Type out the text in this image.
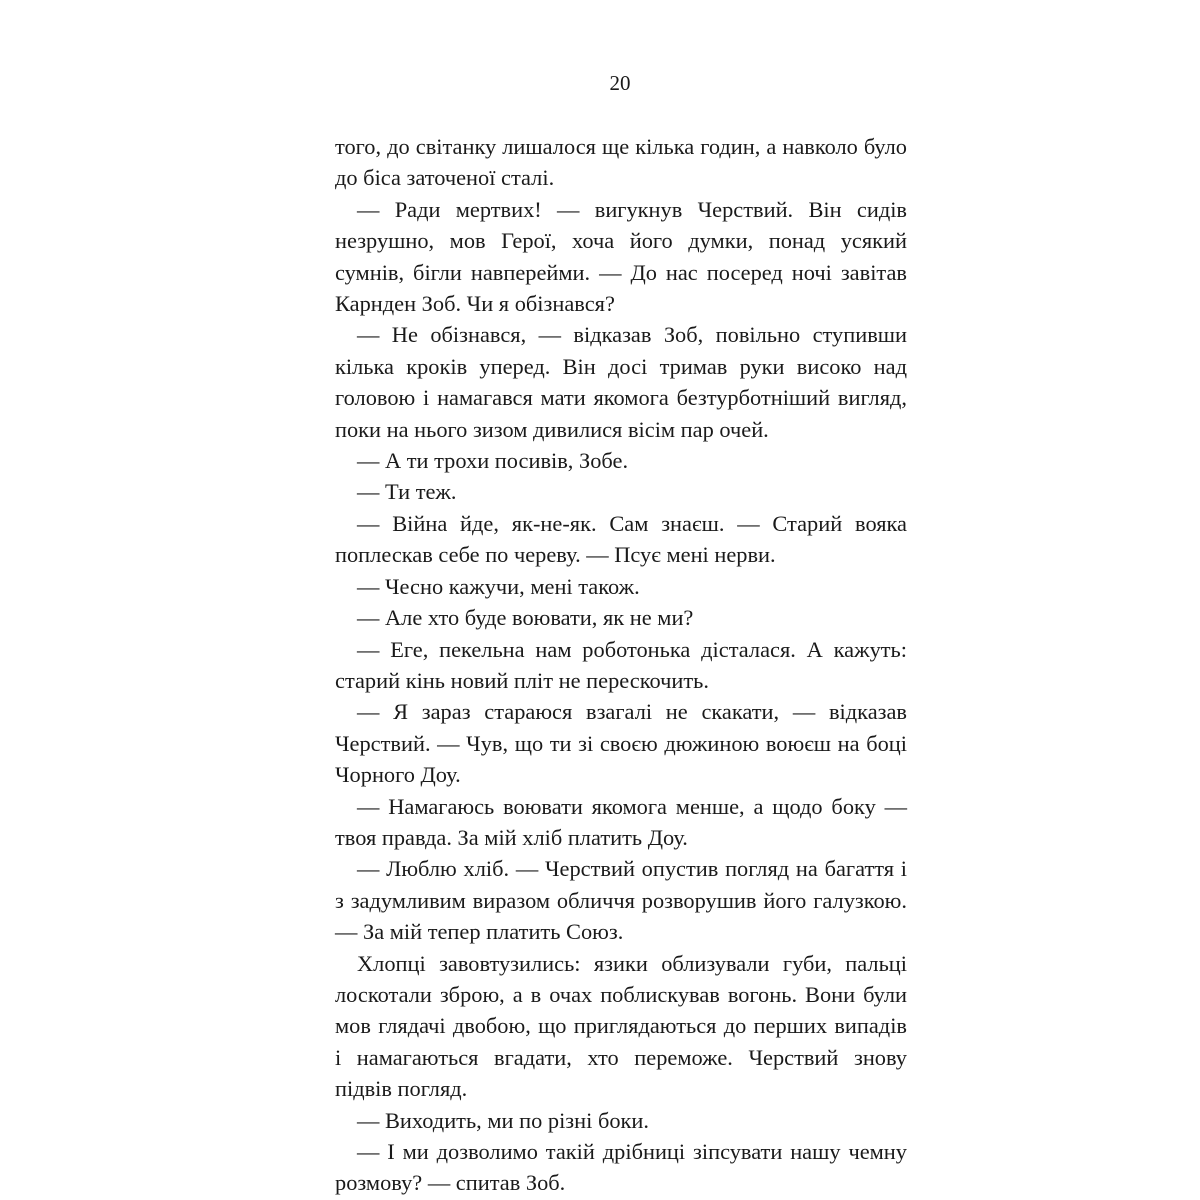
20

того, до світанку лишалося ще кілька годин, а навколо було до біса заточеної сталі.

— Ради мертвих! — вигукнув Черствий. Він сидів незрушно, мов Герої, хоча його думки, понад усякий сумнів, бігли навперейми. — До нас посеред ночі завітав Карнден Зоб. Чи я обізнався?

— Не обізнався, — відказав Зоб, повільно ступивши кілька кроків уперед. Він досі тримав руки високо над головою і намагався мати якомога безтурботніший вигляд, поки на нього зизом дивилися вісім пар очей.

— А ти трохи посивів, Зобе.

— Ти теж.

— Війна йде, як-не-як. Сам знаєш. — Старий вояка поплескав себе по череву. — Псує мені нерви.

— Чесно кажучи, мені також.

— Але хто буде воювати, як не ми?

— Еге, пекельна нам роботонька дісталася. А кажуть: старий кінь новий пліт не перескочить.

— Я зараз стараюся взагалі не скакати, — відказав Черствий. — Чув, що ти зі своєю дюжиною воюєш на боці Чорного Доу.

— Намагаюсь воювати якомога менше, а щодо боку — твоя правда. За мій хліб платить Доу.

— Люблю хліб. — Черствий опустив погляд на багаття і з задумливим виразом обличчя розворушив його галузкою. — За мій тепер платить Союз.

Хлопці завовтузились: язики облизували губи, пальці лоскотали зброю, а в очах поблискував вогонь. Вони були мов глядачі двобою, що приглядаються до перших випадів і намагаються вгадати, хто переможе. Черствий знову підвів погляд.

— Виходить, ми по різні боки.

— І ми дозволимо такій дрібниці зіпсувати нашу чемну розмову? — спитав Зоб.
